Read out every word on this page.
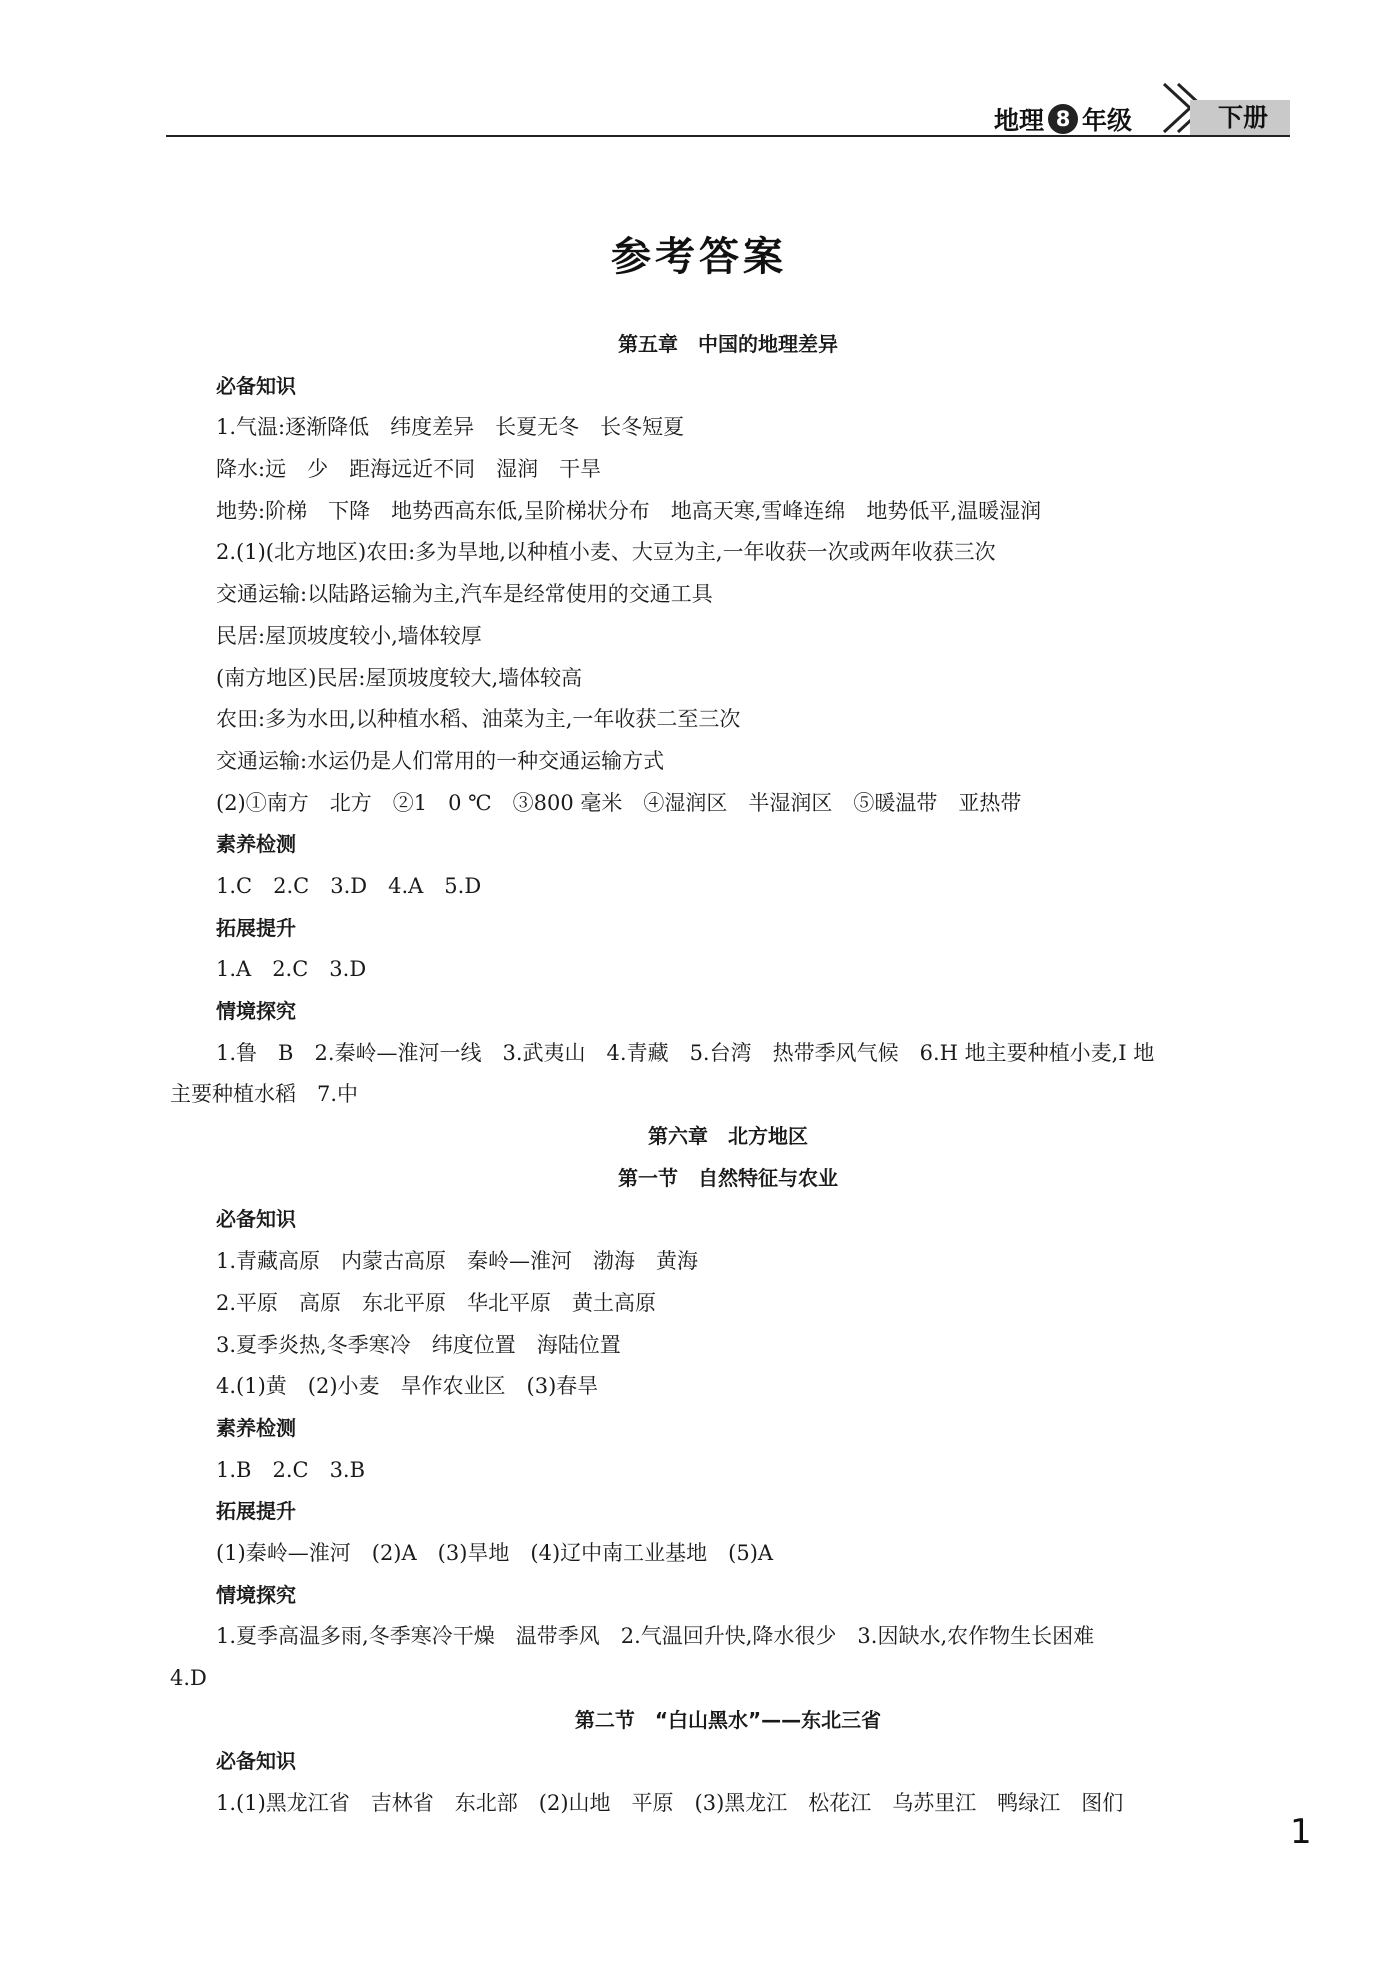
地理 8 年级	下册
参考答案
第五章　中国的地理差异
必备知识
1.气温:逐渐降低　纬度差异　长夏无冬　长冬短夏
降水:远　少　距海远近不同　湿润　干旱
地势:阶梯　下降　地势西高东低,呈阶梯状分布　地高天寒,雪峰连绵　地势低平,温暖湿润
2.(1)(北方地区)农田:多为旱地,以种植小麦、大豆为主,一年收获一次或两年收获三次
交通运输:以陆路运输为主,汽车是经常使用的交通工具
民居:屋顶坡度较小,墙体较厚
(南方地区)民居:屋顶坡度较大,墙体较高
农田:多为水田,以种植水稻、油菜为主,一年收获二至三次
交通运输:水运仍是人们常用的一种交通运输方式
(2)①南方　北方　②1　0 ℃　③800 毫米　④湿润区　半湿润区　⑤暖温带　亚热带
素养检测
1.C　2.C　3.D　4.A　5.D
拓展提升
1.A　2.C　3.D
情境探究
1.鲁　B　2.秦岭—淮河一线　3.武夷山　4.青藏　5.台湾　热带季风气候　6.H 地主要种植小麦,I 地
主要种植水稻　7.中
第六章　北方地区
第一节　自然特征与农业
必备知识
1.青藏高原　内蒙古高原　秦岭—淮河　渤海　黄海
2.平原　高原　东北平原　华北平原　黄土高原
3.夏季炎热,冬季寒冷　纬度位置　海陆位置
4.(1)黄　(2)小麦　旱作农业区　(3)春旱
素养检测
1.B　2.C　3.B
拓展提升
(1)秦岭—淮河　(2)A　(3)旱地　(4)辽中南工业基地　(5)A
情境探究
1.夏季高温多雨,冬季寒冷干燥　温带季风　2.气温回升快,降水很少　3.因缺水,农作物生长困难
4.D
第二节　“白山黑水”——东北三省
必备知识
1.(1)黑龙江省　吉林省　东北部　(2)山地　平原　(3)黑龙江　松花江　乌苏里江　鸭绿江　图们
1
